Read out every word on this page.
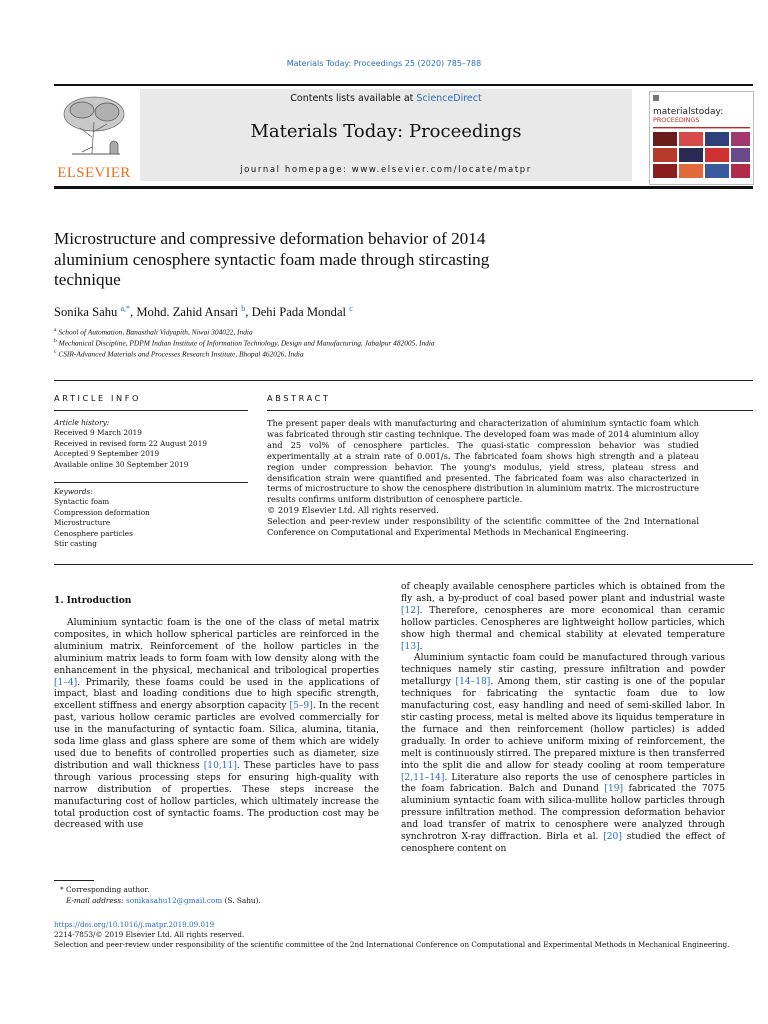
Materials Today: Proceedings 25 (2020) 785–788
Contents lists available at ScienceDirect
Materials Today: Proceedings
journal homepage: www.elsevier.com/locate/matpr
ELSEVIER
materialstoday:
PROCEEDINGS
Microstructure and compressive deformation behavior of 2014
aluminium cenosphere syntactic foam made through stircasting
technique
Sonika Sahu $^{a,*}$, Mohd. Zahid Ansari $^b$, Dehi Pada Mondal $^c$
$^a$ School of Automation, Banasthali Vidyapith, Niwai 304022, India
$^b$ Mechanical Discipline, PDPM Indian Institute of Information Technology, Design and Manufacturing, Jabalpur 482005, India
$^c$ CSIR-Advanced Materials and Processes Research Institute, Bhopal 462026, India
ARTICLE INFO	ABSTRACT
Article history:
Received 9 March 2019
Received in revised form 22 August 2019
Accepted 9 September 2019
Available online 30 September 2019
Keywords:
Syntactic foam
Compression deformation
Microstructure
Cenosphere particles
Stir casting

The present paper deals with manufacturing and characterization of aluminium syntactic foam which was fabricated through stir casting technique. The developed foam was made of 2014 aluminium alloy and 25 vol% of cenosphere particles. The quasi-static compression behavior was studied experimentally at a strain rate of 0.001/s. The fabricated foam shows high strength and a plateau region under compression behavior. The young's modulus, yield stress, plateau stress and densification strain were quantified and presented. The fabricated foam was also characterized in terms of microstructure to show the cenosphere distribution in aluminium matrix. The microstructure results confirms uniform distribution of cenosphere particle.

© 2019 Elsevier Ltd. All rights reserved.

Selection and peer-review under responsibility of the scientific committee of the 2nd International Conference on Computational and Experimental Methods in Mechanical Engineering.

1. Introduction

Aluminium syntactic foam is the one of the class of metal matrix composites, in which hollow spherical particles are reinforced in the aluminium matrix. Reinforcement of the hollow particles in the aluminium matrix leads to form foam with low density along with the enhancement in the physical, mechanical and tribological properties [1–4]. Primarily, these foams could be used in the applications of impact, blast and loading conditions due to high specific strength, excellent stiffness and energy absorption capacity [5–9]. In the recent past, various hollow ceramic particles are evolved commercially for use in the manufacturing of syntactic foam. Silica, alumina, titania, soda lime glass and glass sphere are some of them which are widely used due to benefits of controlled properties such as diameter, size distribution and wall thickness [10,11]. These particles have to pass through various processing steps for ensuring high-quality with narrow distribution of properties. These steps increase the manufacturing cost of hollow particles, which ultimately increase the total production cost of syntactic foams. The production cost may be decreased with use

of cheaply available cenosphere particles which is obtained from the fly ash, a by-product of coal based power plant and industrial waste [12]. Therefore, cenospheres are more economical than ceramic hollow particles. Cenospheres are lightweight hollow particles, which show high thermal and chemical stability at elevated temperature [13].

Aluminium syntactic foam could be manufactured through various techniques namely stir casting, pressure infiltration and powder metallurgy [14–18]. Among them, stir casting is one of the popular techniques for fabricating the syntactic foam due to low manufacturing cost, easy handling and need of semi-skilled labor. In stir casting process, metal is melted above its liquidus temperature in the furnace and then reinforcement (hollow particles) is added gradually. In order to achieve uniform mixing of reinforcement, the melt is continuously stirred. The prepared mixture is then transferred into the split die and allow for steady cooling at room temperature [2,11–14]. Literature also reports the use of cenosphere particles in the foam fabrication. Balch and Dunand [19] fabricated the 7075 aluminium syntactic foam with silica-mullite hollow particles through pressure infiltration method. The compression deformation behavior and load transfer of matrix to cenosphere were analyzed through synchrotron X-ray diffraction. Birla et al. [20] studied the effect of cenosphere content on

* Corresponding author.
E-mail address: sonikasahu12@gmail.com (S. Sahu).
https://doi.org/10.1016/j.matpr.2019.09.019
2214-7853/© 2019 Elsevier Ltd. All rights reserved.
Selection and peer-review under responsibility of the scientific committee of the 2nd International Conference on Computational and Experimental Methods in Mechanical Engineering.
